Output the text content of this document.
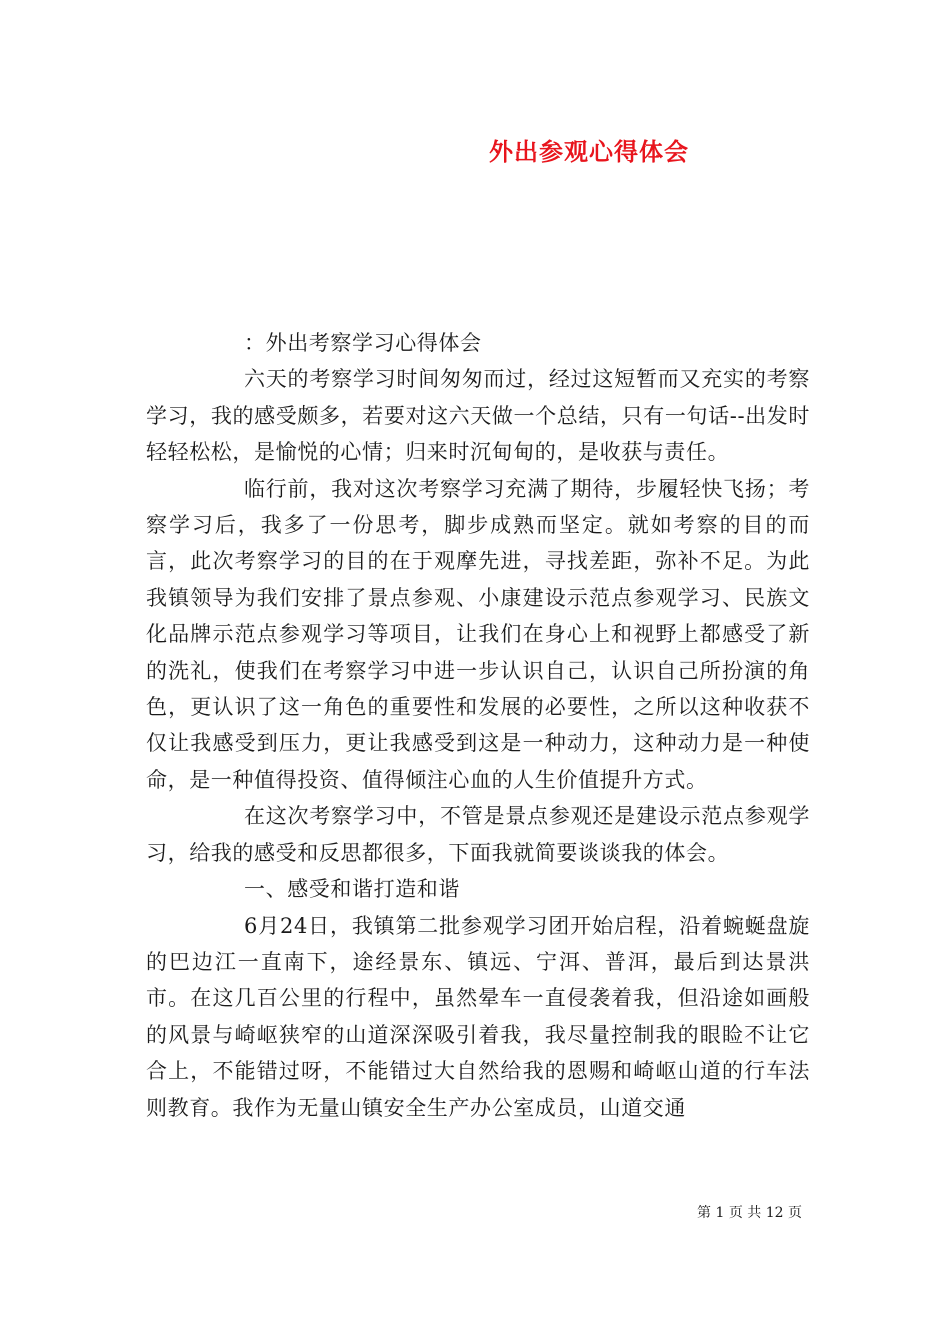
外出参观心得体会

：外出考察学习心得体会

六天的考察学习时间匆匆而过，经过这短暂而又充实的考察学习，我的感受颇多，若要对这六天做一个总结，只有一句话--出发时轻轻松松，是愉悦的心情；归来时沉甸甸的，是收获与责任。

临行前，我对这次考察学习充满了期待，步履轻快飞扬；考察学习后，我多了一份思考，脚步成熟而坚定。就如考察的目的而言，此次考察学习的目的在于观摩先进，寻找差距，弥补不足。为此我镇领导为我们安排了景点参观、小康建设示范点参观学习、民族文化品牌示范点参观学习等项目，让我们在身心上和视野上都感受了新的洗礼，使我们在考察学习中进一步认识自己，认识自己所扮演的角色，更认识了这一角色的重要性和发展的必要性，之所以这种收获不仅让我感受到压力，更让我感受到这是一种动力，这种动力是一种使命，是一种值得投资、值得倾注心血的人生价值提升方式。

在这次考察学习中，不管是景点参观还是建设示范点参观学习，给我的感受和反思都很多，下面我就简要谈谈我的体会。

一、感受和谐打造和谐

6月24日，我镇第二批参观学习团开始启程，沿着蜿蜒盘旋的巴边江一直南下，途经景东、镇远、宁洱、普洱，最后到达景洪市。在这几百公里的行程中，虽然晕车一直侵袭着我，但沿途如画般的风景与崎岖狭窄的山道深深吸引着我，我尽量控制我的眼睑不让它合上，不能错过呀，不能错过大自然给我的恩赐和崎岖山道的行车法则教育。我作为无量山镇安全生产办公室成员，山道交通

第 1 页 共 12 页
